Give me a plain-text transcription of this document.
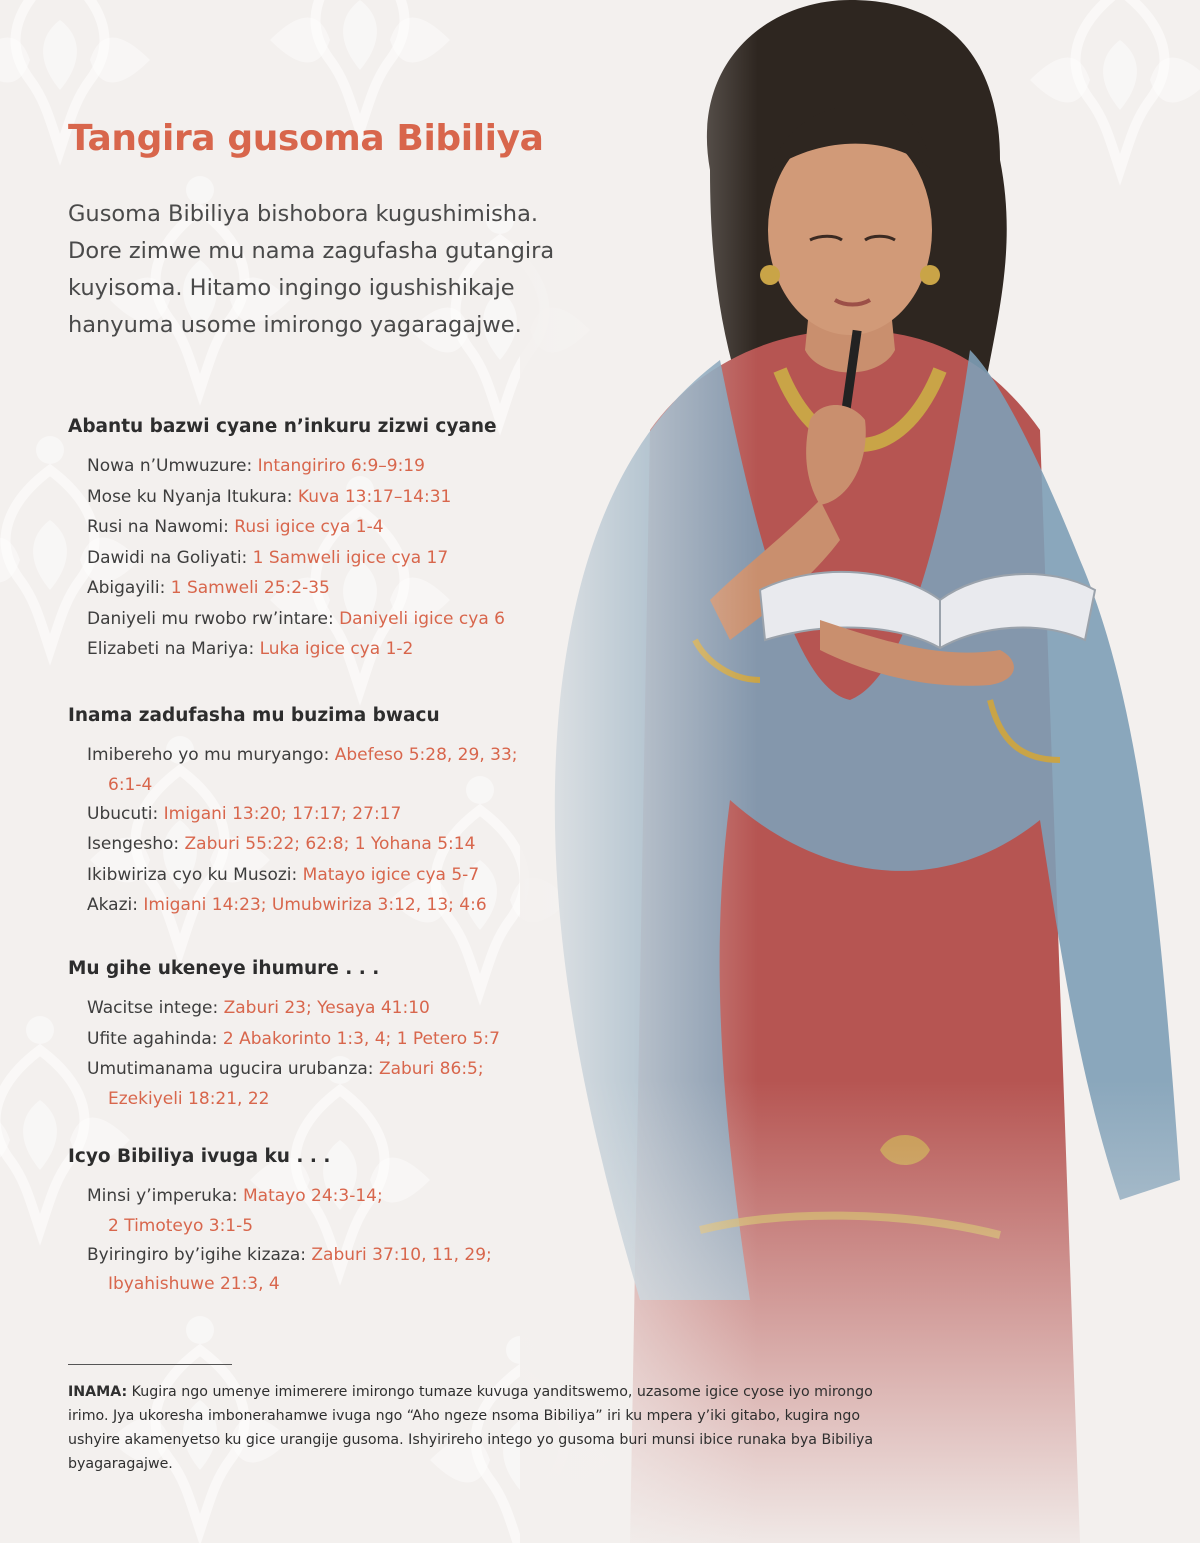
Tangira gusoma Bibiliya

Gusoma Bibiliya bishobora kugushimisha.
Dore zimwe mu nama zagufasha gutangira
kuyisoma. Hitamo ingingo igushishikaje
hanyuma usome imirongo yagaragajwe.

Abantu bazwi cyane n’inkuru zizwi cyane
Nowa n’Umwuzure: Intangiriro 6:9–9:19
Mose ku Nyanja Itukura: Kuva 13:17–14:31
Rusi na Nawomi: Rusi igice cya 1-4
Dawidi na Goliyati: 1 Samweli igice cya 17
Abigayili: 1 Samweli 25:2-35
Daniyeli mu rwobo rw’intare: Daniyeli igice cya 6
Elizabeti na Mariya: Luka igice cya 1-2
Inama zadufasha mu buzima bwacu
Imibereho yo mu muryango: Abefeso 5:28, 29, 33;
6:1-4
Ubucuti: Imigani 13:20; 17:17; 27:17
Isengesho: Zaburi 55:22; 62:8; 1 Yohana 5:14
Ikibwiriza cyo ku Musozi: Matayo igice cya 5-7
Akazi: Imigani 14:23; Umubwiriza 3:12, 13; 4:6
Mu gihe ukeneye ihumure . . .
Wacitse intege: Zaburi 23; Yesaya 41:10
Ufite agahinda: 2 Abakorinto 1:3, 4; 1 Petero 5:7
Umutimanama ugucira urubanza: Zaburi 86:5;
Ezekiyeli 18:21, 22
Icyo Bibiliya ivuga ku . . .
Minsi y’imperuka: Matayo 24:3-14;
2 Timoteyo 3:1-5
Byiringiro by’igihe kizaza: Zaburi 37:10, 11, 29;
Ibyahishuwe 21:3, 4

INAMA: Kugira ngo umenye imimerere imirongo tumaze kuvuga yanditswemo, uzasome igice cyose iyo mirongo
irimo. Jya ukoresha imbonerahamwe ivuga ngo “Aho ngeze nsoma Bibiliya” iri ku mpera y’iki gitabo, kugira ngo
ushyire akamenyetso ku gice urangije gusoma. Ishyirireho intego yo gusoma buri munsi ibice runaka bya Bibiliya
byagaragajwe.
